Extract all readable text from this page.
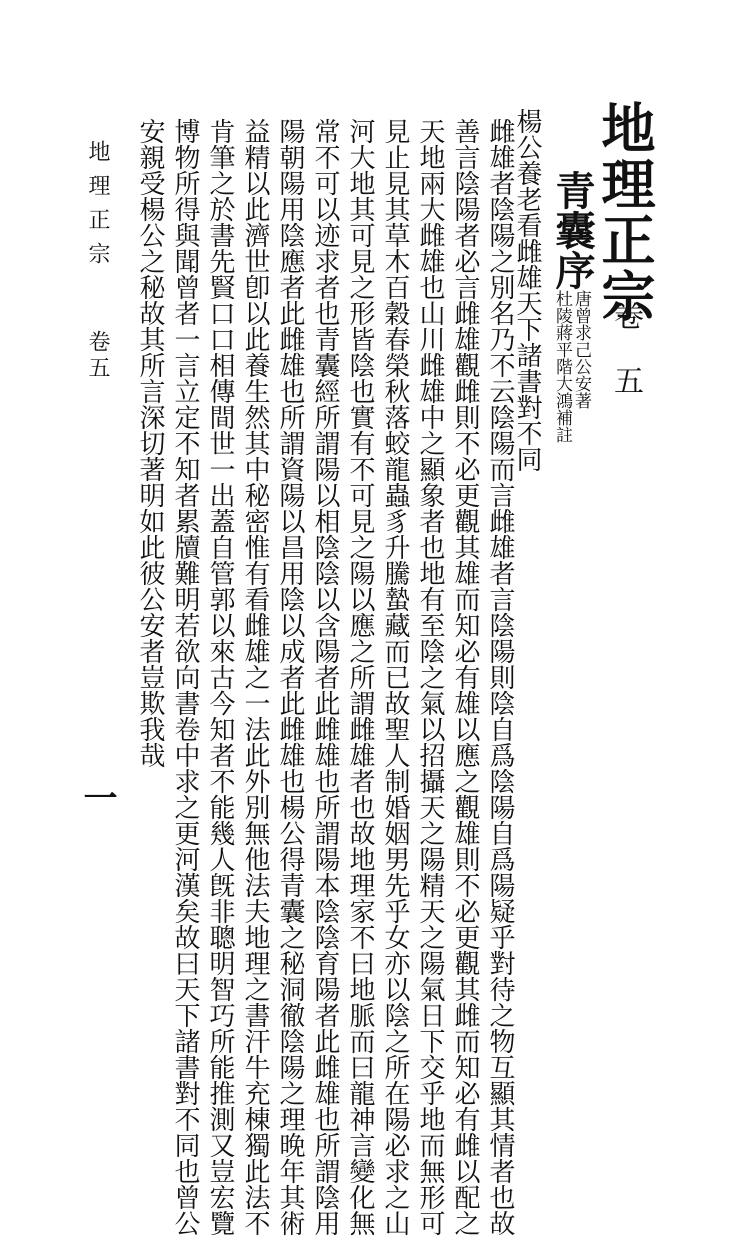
地理正宗
卷 五
青囊序
唐曾求己公安著
杜陵蔣平階大鴻補註
楊公養老看雌雄天下諸書對不同
雌雄者陰陽之別名乃不云陰陽而言雌雄者言陰陽則陰自爲陰陽自爲陽疑乎對待之物互顯其情者也故
善言陰陽者必言雌雄觀雌則不必更觀其雄而知必有雄以應之觀雄則不必更觀其雌而知必有雌以配之
天地兩大雌雄也山川雌雄中之顯象者也地有至陰之氣以招攝天之陽精天之陽氣日下交乎地而無形可
見止見其草木百穀春榮秋落蛟龍蟲豸升騰蟄藏而已故聖人制婚姻男先乎女亦以陰之所在陽必求之山
河大地其可見之形皆陰也實有不可見之陽以應之所謂雌雄者也故地理家不曰地脈而曰龍神言變化無
常不可以迹求者也青囊經所謂陽以相陰陰以含陽者此雌雄也所謂陽本陰陰育陽者此雌雄也所謂陰用
陽朝陽用陰應者此雌雄也所謂資陽以昌用陰以成者此雌雄也楊公得青囊之秘洞徹陰陽之理晚年其術
益精以此濟世卽以此養生然其中秘密惟有看雌雄之一法此外別無他法夫地理之書汗牛充棟獨此法不
肯筆之於書先賢口口相傳間世一出蓋自管郭以來古今知者不能幾人旣非聰明智巧所能推測又豈宏覽
博物所得與聞曾者一言立定不知者累牘難明若欲向書卷中求之更河漢矣故曰天下諸書對不同也曾公
安親受楊公之秘故其所言深切著明如此彼公安者豈欺我哉
地理正宗
卷五
一
